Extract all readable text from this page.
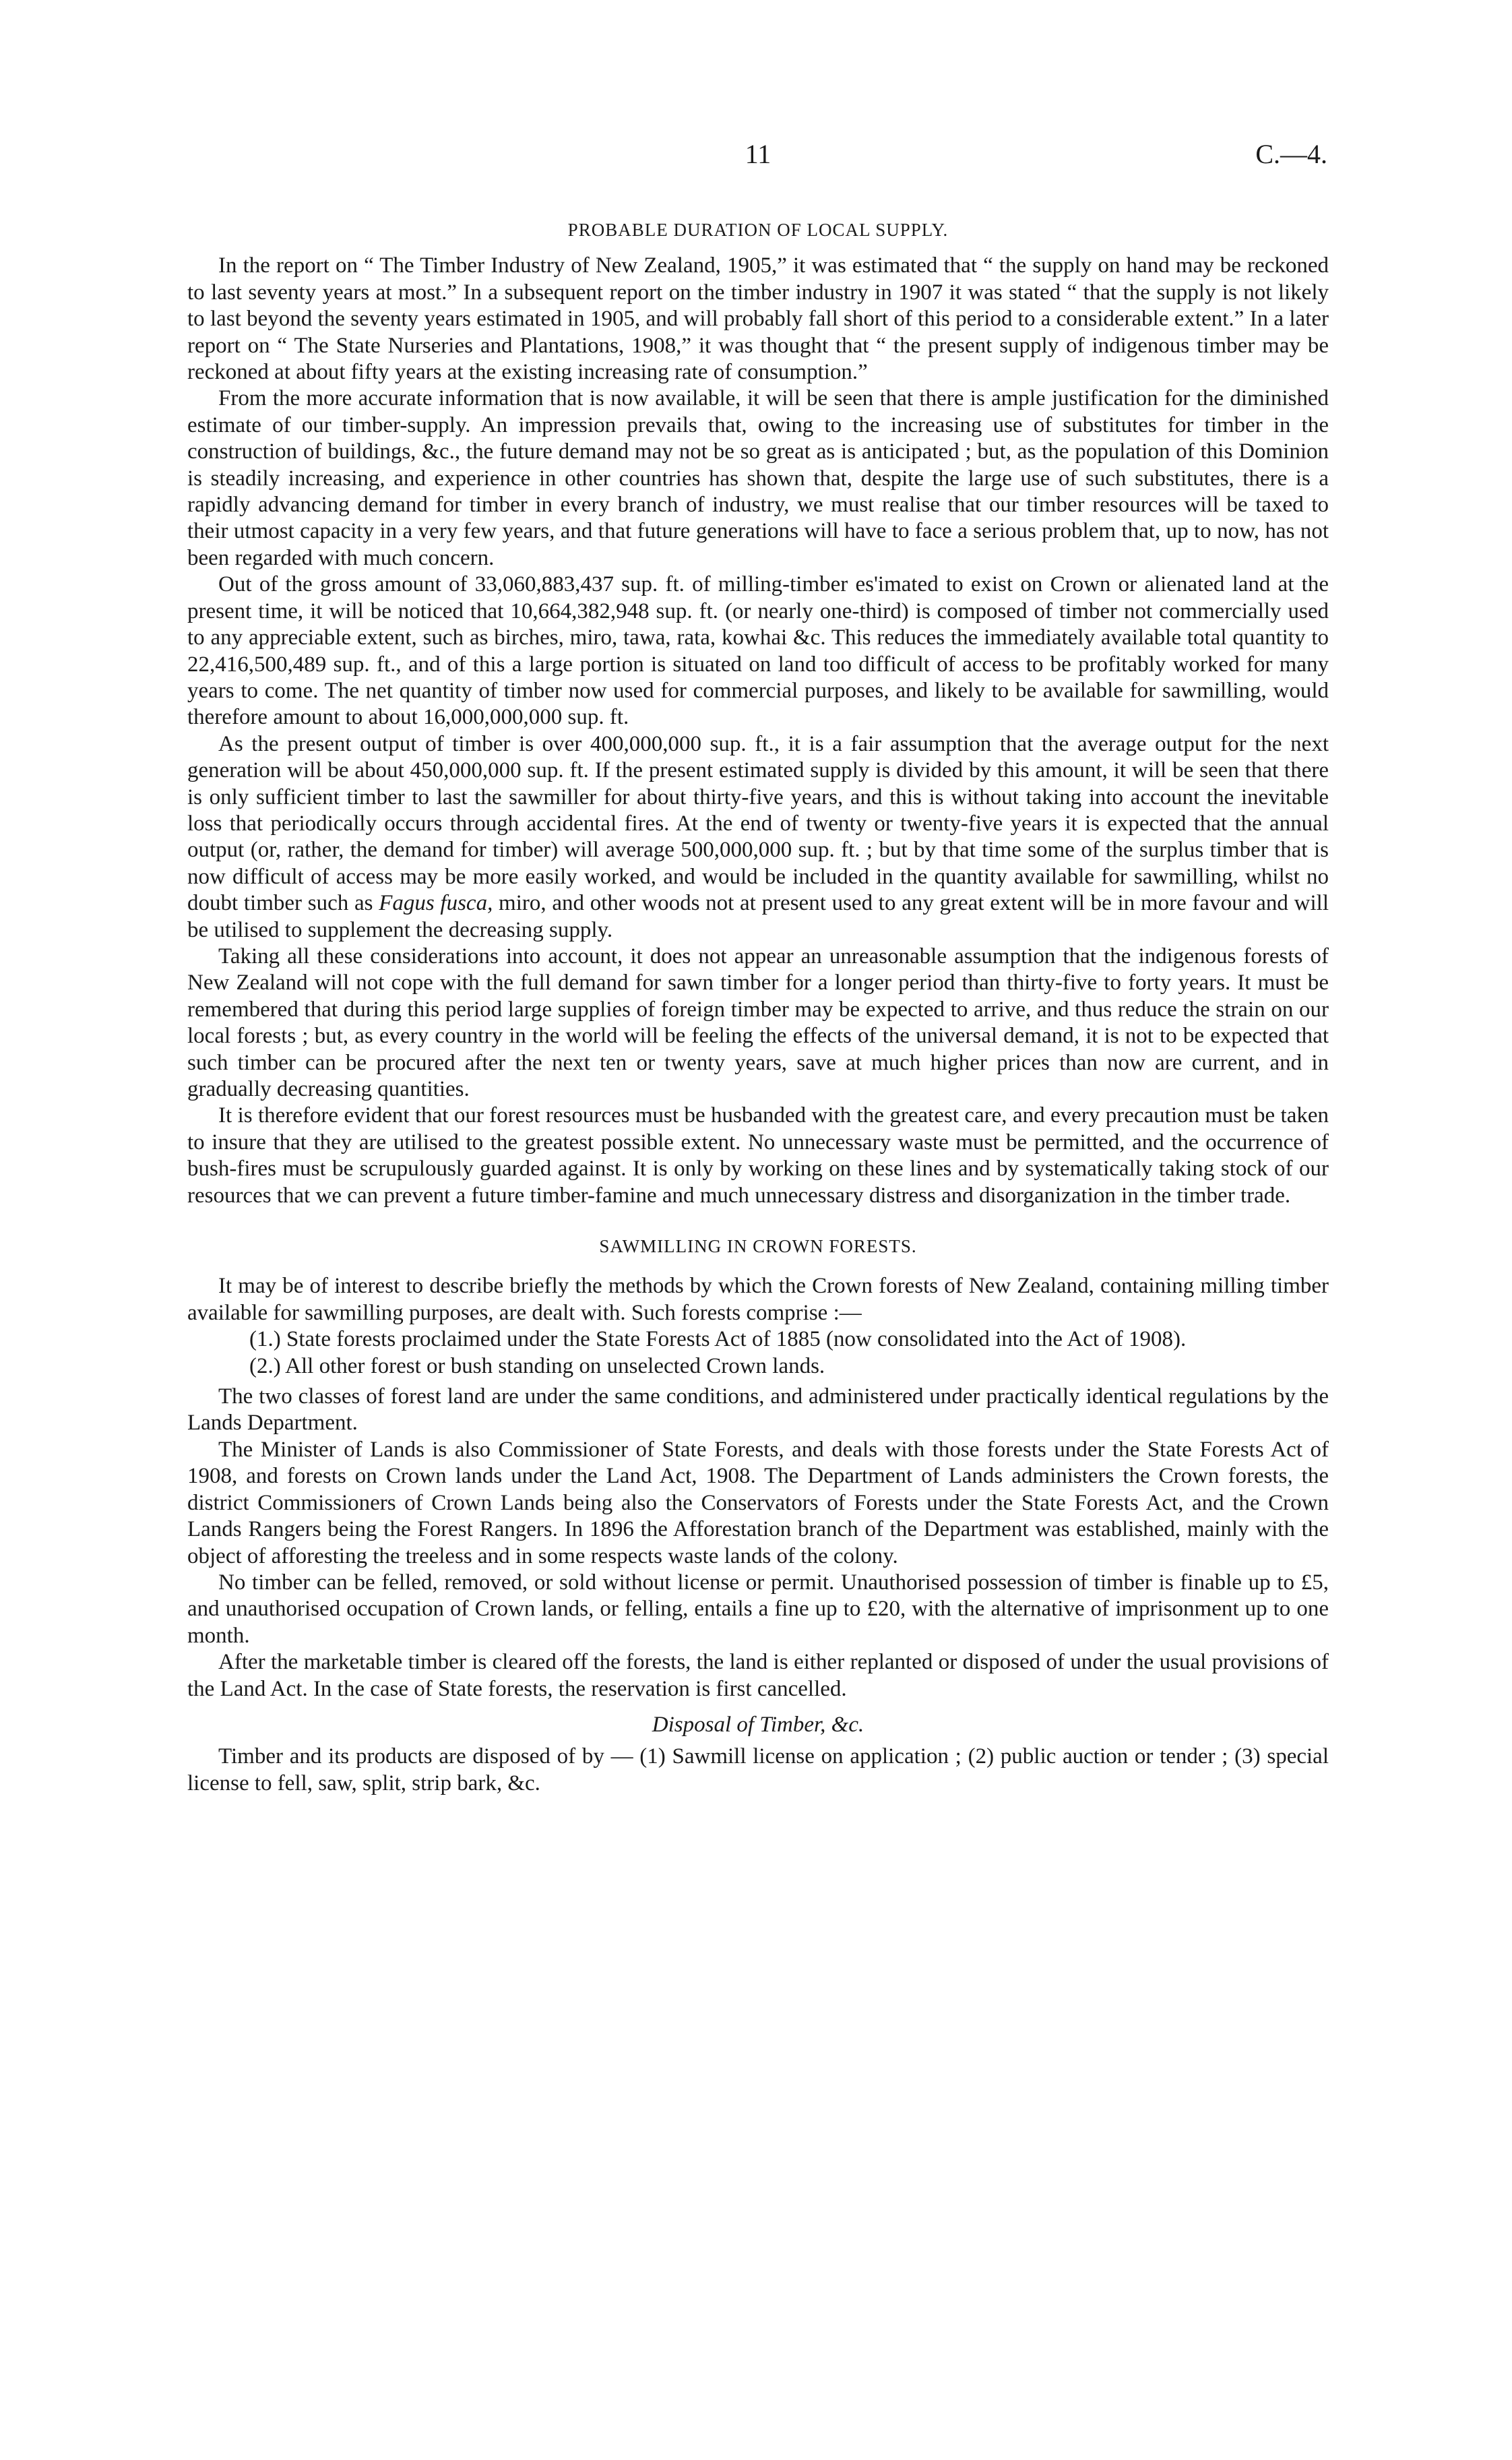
11	C.—4.
PROBABLE DURATION OF LOCAL SUPPLY.

In the report on “ The Timber Industry of New Zealand, 1905,” it was estimated that “ the supply on hand may be reckoned to last seventy years at most.” In a subsequent report on the timber industry in 1907 it was stated “ that the supply is not likely to last beyond the seventy years estimated in 1905, and will probably fall short of this period to a considerable extent.” In a later report on “ The State Nurseries and Plantations, 1908,” it was thought that “ the present supply of indigenous timber may be reckoned at about fifty years at the existing increasing rate of consumption.”

From the more accurate information that is now available, it will be seen that there is ample justification for the diminished estimate of our timber-supply. An impression prevails that, owing to the increasing use of substitutes for timber in the construction of buildings, &c., the future demand may not be so great as is anticipated ; but, as the population of this Dominion is steadily increasing, and experience in other countries has shown that, despite the large use of such substitutes, there is a rapidly advancing demand for timber in every branch of industry, we must realise that our timber resources will be taxed to their utmost capacity in a very few years, and that future generations will have to face a serious problem that, up to now, has not been regarded with much concern.

Out of the gross amount of 33,060,883,437 sup. ft. of milling-timber es'imated to exist on Crown or alienated land at the present time, it will be noticed that 10,664,382,948 sup. ft. (or nearly one-third) is composed of timber not commercially used to any appreciable extent, such as birches, miro, tawa, rata, kowhai &c. This reduces the immediately available total quantity to 22,416,500,489 sup. ft., and of this a large portion is situated on land too difficult of access to be profitably worked for many years to come. The net quantity of timber now used for commercial purposes, and likely to be available for sawmilling, would therefore amount to about 16,000,000,000 sup. ft.

As the present output of timber is over 400,000,000 sup. ft., it is a fair assumption that the average output for the next generation will be about 450,000,000 sup. ft. If the present estimated supply is divided by this amount, it will be seen that there is only sufficient timber to last the sawmiller for about thirty-five years, and this is without taking into account the inevitable loss that periodically occurs through accidental fires. At the end of twenty or twenty-five years it is expected that the annual output (or, rather, the demand for timber) will average 500,000,000 sup. ft. ; but by that time some of the surplus timber that is now difficult of access may be more easily worked, and would be included in the quantity available for sawmilling, whilst no doubt timber such as Fagus fusca, miro, and other woods not at present used to any great extent will be in more favour and will be utilised to supplement the decreasing supply.

Taking all these considerations into account, it does not appear an unreasonable assumption that the indigenous forests of New Zealand will not cope with the full demand for sawn timber for a longer period than thirty-five to forty years. It must be remembered that during this period large supplies of foreign timber may be expected to arrive, and thus reduce the strain on our local forests ; but, as every country in the world will be feeling the effects of the universal demand, it is not to be expected that such timber can be procured after the next ten or twenty years, save at much higher prices than now are current, and in gradually decreasing quantities.

It is therefore evident that our forest resources must be husbanded with the greatest care, and every precaution must be taken to insure that they are utilised to the greatest possible extent. No unnecessary waste must be permitted, and the occurrence of bush-fires must be scrupulously guarded against. It is only by working on these lines and by systematically taking stock of our resources that we can prevent a future timber-famine and much unnecessary distress and disorganization in the timber trade.

SAWMILLING IN CROWN FORESTS.

It may be of interest to describe briefly the methods by which the Crown forests of New Zealand, containing milling timber available for sawmilling purposes, are dealt with. Such forests comprise :—

(1.) State forests proclaimed under the State Forests Act of 1885 (now consolidated into the Act of 1908).

(2.) All other forest or bush standing on unselected Crown lands.

The two classes of forest land are under the same conditions, and administered under practically identical regulations by the Lands Department.

The Minister of Lands is also Commissioner of State Forests, and deals with those forests under the State Forests Act of 1908, and forests on Crown lands under the Land Act, 1908. The Department of Lands administers the Crown forests, the district Commissioners of Crown Lands being also the Conservators of Forests under the State Forests Act, and the Crown Lands Rangers being the Forest Rangers. In 1896 the Afforestation branch of the Department was established, mainly with the object of afforesting the treeless and in some respects waste lands of the colony.

No timber can be felled, removed, or sold without license or permit. Unauthorised possession of timber is finable up to £5, and unauthorised occupation of Crown lands, or felling, entails a fine up to £20, with the alternative of imprisonment up to one month.

After the marketable timber is cleared off the forests, the land is either replanted or disposed of under the usual provisions of the Land Act. In the case of State forests, the reservation is first cancelled.

Disposal of Timber, &c.

Timber and its products are disposed of by — (1) Sawmill license on application ; (2) public auction or tender ; (3) special license to fell, saw, split, strip bark, &c.
